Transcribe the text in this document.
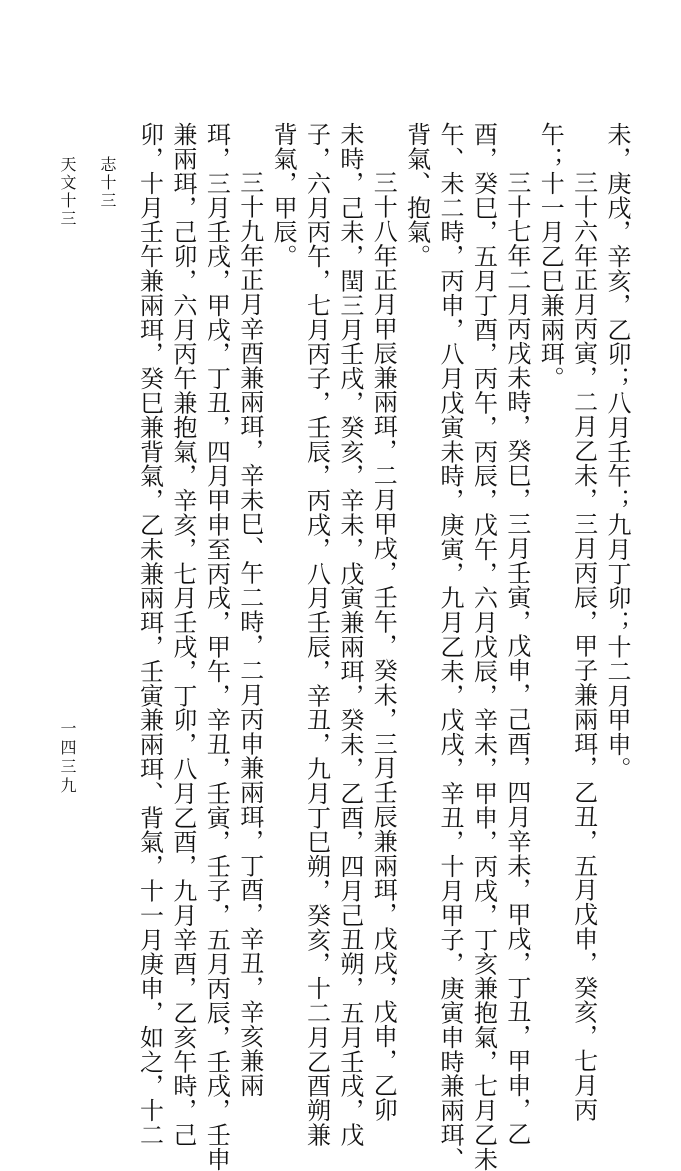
未，庚戌，辛亥，乙卯；八月壬午；九月丁卯；十二月甲申。
三十六年正月丙寅，二月乙未，三月丙辰，甲子兼兩珥，乙丑，五月戊申，癸亥，七月丙
午；十一月乙巳兼兩珥。
三十七年二月丙戌未時，癸巳，三月壬寅，戊申，己酉，四月辛未，甲戌，丁丑，甲申，乙
酉，癸巳，五月丁酉，丙午，丙辰，戊午，六月戊辰，辛未，甲申，丙戌，丁亥兼抱氣，七月乙未
午、未二時，丙申，八月戊寅未時，庚寅，九月乙未，戊戌，辛丑，十月甲子，庚寅申時兼兩珥、
背氣、抱氣。
三十八年正月甲辰兼兩珥，二月甲戌，壬午，癸未，三月壬辰兼兩珥，戊戌，戊申，乙卯
未時，己未，閏三月壬戌，癸亥，辛未，戊寅兼兩珥，癸未，乙酉，四月己丑朔，五月壬戌，戊
子，六月丙午，七月丙子，壬辰，丙戌，八月壬辰，辛丑，九月丁巳朔，癸亥，十二月乙酉朔兼
背氣，甲辰。
三十九年正月辛酉兼兩珥，辛未巳、午二時，二月丙申兼兩珥，丁酉，辛丑，辛亥兼兩
珥，三月壬戌，甲戌，丁丑，四月甲申至丙戌，甲午，辛丑，壬寅，壬子，五月丙辰，壬戌，壬申
兼兩珥，己卯，六月丙午兼抱氣，辛亥，七月壬戌，丁卯，八月乙酉，九月辛酉，乙亥午時，己
卯，十月壬午兼兩珥，癸巳兼背氣，乙未兼兩珥，壬寅兼兩珥、背氣，十一月庚申，如之，十二
志十三
天文十三
一四三九
